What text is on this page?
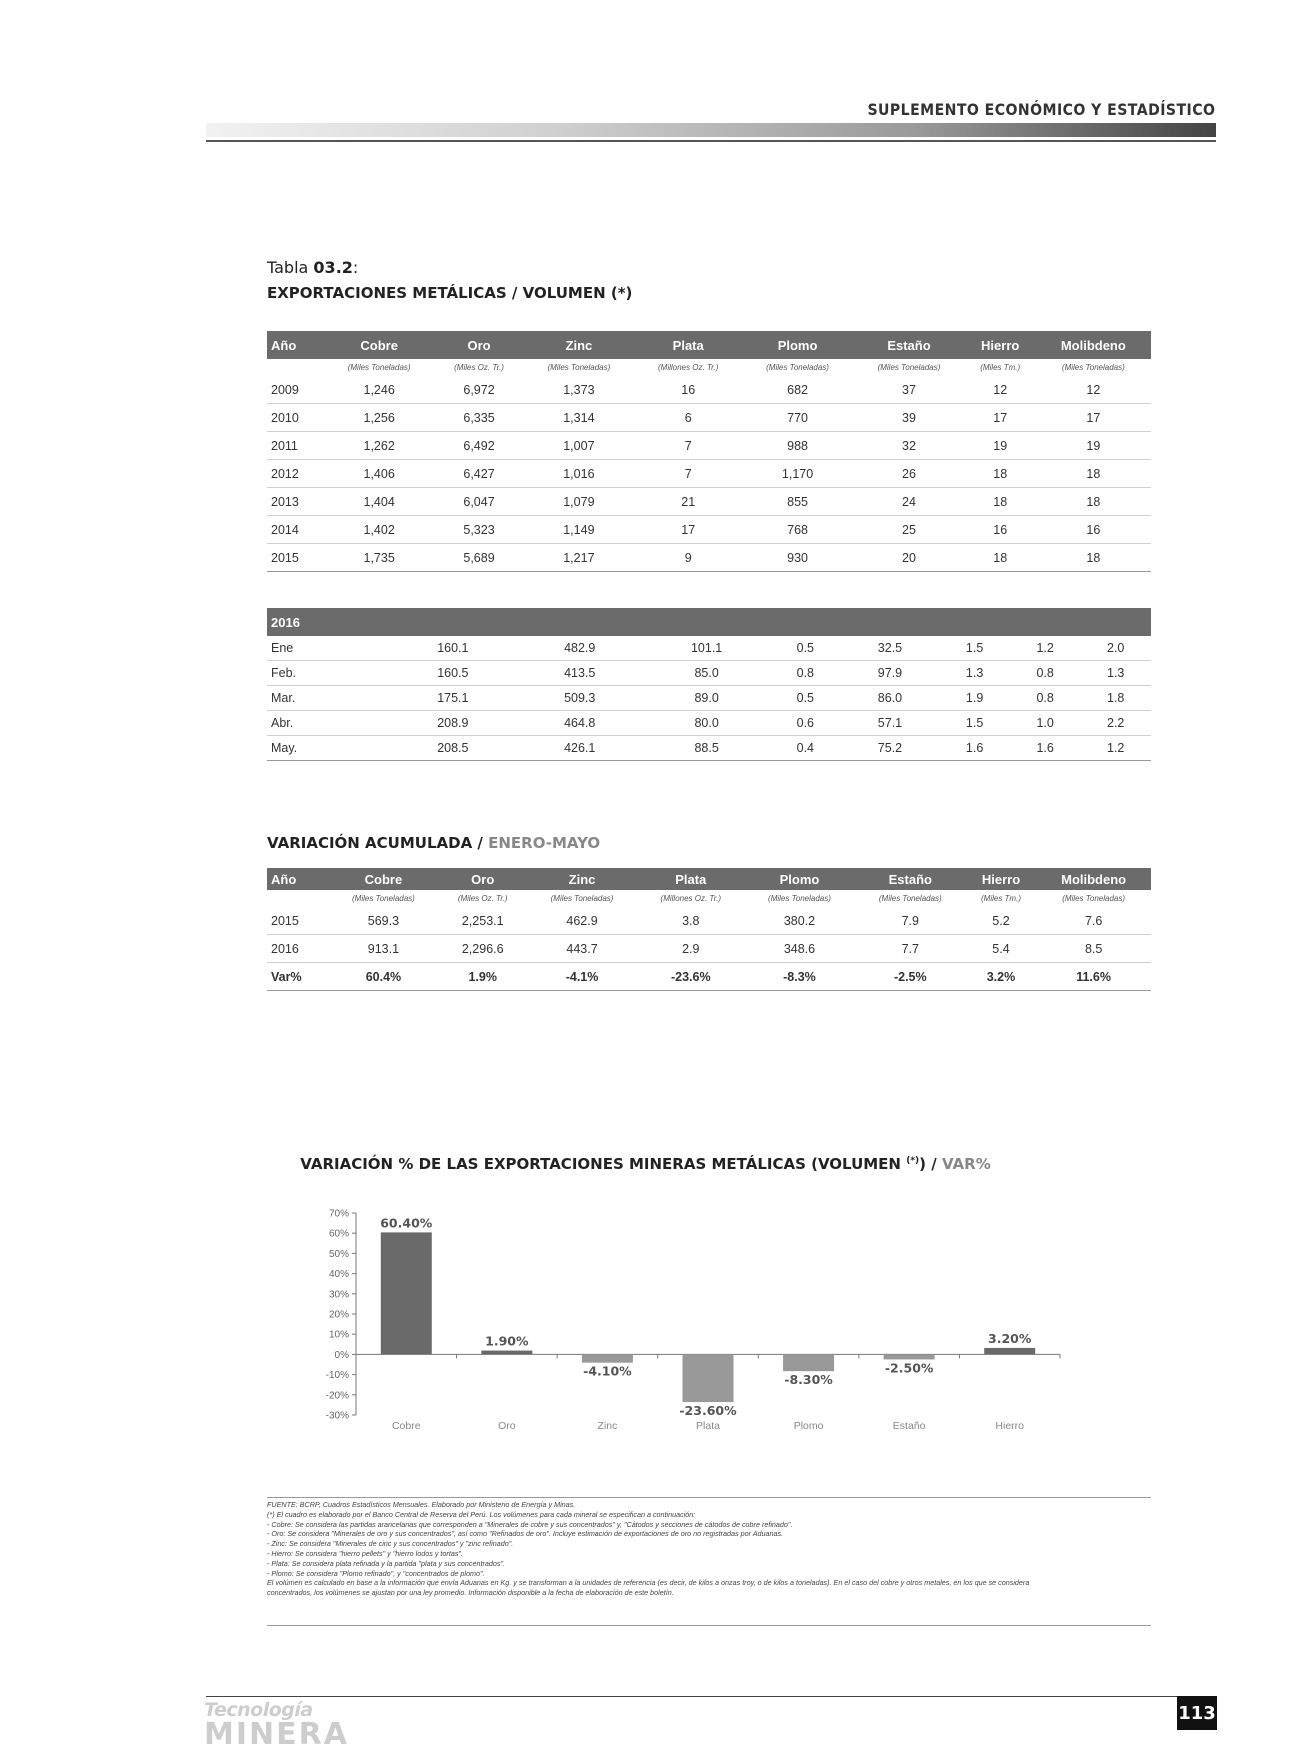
SUPLEMENTO ECONÓMICO Y ESTADÍSTICO
Tabla 03.2:
EXPORTACIONES METÁLICAS / VOLUMEN (*)
Año	Cobre	Oro	Zinc	Plata	Plomo	Estaño	Hierro	Molibdeno
	(Miles Toneladas)	(Miles Oz. Tr.)	(Miles Toneladas)	(Millones Oz. Tr.)	(Miles Toneladas)	(Miles Toneladas)	(Miles Tm.)	(Miles Toneladas)
2009	1,246	6,972	1,373	16	682	37	12	12
2010	1,256	6,335	1,314	6	770	39	17	17
2011	1,262	6,492	1,007	7	988	32	19	19
2012	1,406	6,427	1,016	7	1,170	26	18	18
2013	1,404	6,047	1,079	21	855	24	18	18
2014	1,402	5,323	1,149	17	768	25	16	16
2015	1,735	5,689	1,217	9	930	20	18	18
2016								
Ene	160.1	482.9	101.1	0.5	32.5	1.5	1.2	2.0
Feb.	160.5	413.5	85.0	0.8	97.9	1.3	0.8	1.3
Mar.	175.1	509.3	89.0	0.5	86.0	1.9	0.8	1.8
Abr.	208.9	464.8	80.0	0.6	57.1	1.5	1.0	2.2
May.	208.5	426.1	88.5	0.4	75.2	1.6	1.6	1.2
VARIACIÓN ACUMULADA / ENERO-MAYO
Año	Cobre	Oro	Zinc	Plata	Plomo	Estaño	Hierro	Molibdeno
	(Miles Toneladas)	(Miles Oz. Tr.)	(Miles Toneladas)	(Millones Oz. Tr.)	(Miles Toneladas)	(Miles Toneladas)	(Miles Tm.)	(Miles Toneladas)
2015	569.3	2,253.1	462.9	3.8	380.2	7.9	5.2	7.6
2016	913.1	2,296.6	443.7	2.9	348.6	7.7	5.4	8.5
Var%	60.4%	1.9%	-4.1%	-23.6%	-8.3%	-2.5%	3.2%	11.6%
VARIACIÓN % DE LAS EXPORTACIONES MINERAS METÁLICAS (VOLUMEN (*)) / VAR%
70%
60%
50%
40%
30%
20%
10%
0%
-10%
-20%
-30%
60.40%
Cobre
1.90%
Oro
-4.10%
Zinc
-23.60%
Plata
-8.30%
Plomo
-2.50%
Estaño
3.20%
Hierro
FUENTE: BCRP, Cuadros Estadísticos Mensuales. Elaborado por Ministerio de Energía y Minas.
(*) El cuadro es elaborado por el Banco Central de Reserva del Perú. Los volúmenes para cada mineral se especifican a continuación:
- Cobre: Se considera las partidas arancelarias que corresponden a "Minerales de cobre y sus concentrados" y, "Cátodos y secciones de cátodos de cobre refinado".
- Oro: Se considera "Minerales de oro y sus concentrados", así como "Refinados de oro". Incluye estimación de exportaciones de oro no registradas por Aduanas.
- Zinc: Se considera "Minerales de cinc y sus concentrados" y "zinc refinado".
- Hierro: Se considera "hierro pellets" y "hierro lodos y tortas".
- Plata: Se considera plata refinada y la partida "plata y sus concentrados".
- Plomo: Se considera "Plomo refinado", y "concentrados de plomo".
El volúmen es calculado en base a la información que envía Aduanas en Kg. y se transforman a la unidades de referencia (es decir, de kilos a onzas troy, o de kilos a toneladas). En el caso del cobre y otros metales, en los que se considera
concentrados, los volúmenes se ajustan por una ley promedio. Información disponible a la fecha de elaboración de este boletín.
Tecnología
MINERA
113
